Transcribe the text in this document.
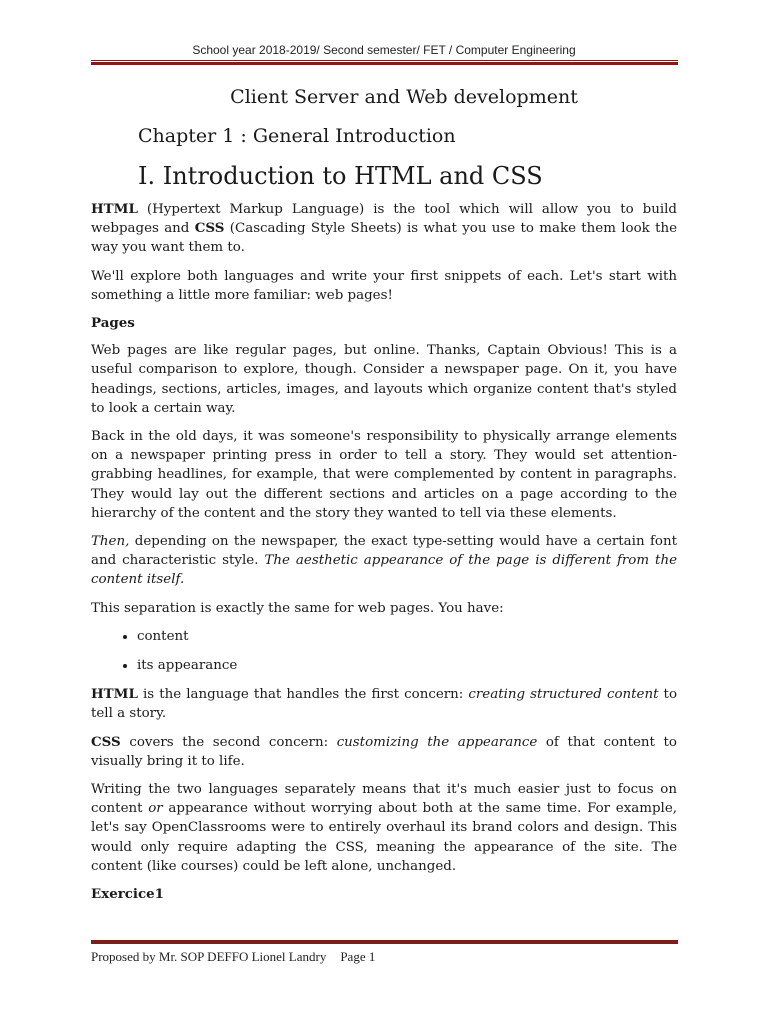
School year 2018-2019/ Second semester/ FET / Computer Engineering
Client Server and Web development
Chapter 1 : General Introduction
I. Introduction to HTML and CSS

HTML (Hypertext Markup Language) is the tool which will allow you to build webpages and CSS (Cascading Style Sheets) is what you use to make them look the way you want them to.

We'll explore both languages and write your first snippets of each. Let's start with something a little more familiar: web pages!

Pages

Web pages are like regular pages, but online. Thanks, Captain Obvious! This is a useful comparison to explore, though. Consider a newspaper page. On it, you have headings, sections, articles, images, and layouts which organize content that's styled to look a certain way.

Back in the old days, it was someone's responsibility to physically arrange elements on a newspaper printing press in order to tell a story. They would set attention-grabbing headlines, for example, that were complemented by content in paragraphs. They would lay out the different sections and articles on a page according to the hierarchy of the content and the story they wanted to tell via these elements.

Then, depending on the newspaper, the exact type-setting would have a certain font and characteristic style. The aesthetic appearance of the page is different from the content itself.

This separation is exactly the same for web pages. You have:

• content
• its appearance

HTML is the language that handles the first concern: creating structured content to tell a story.

CSS covers the second concern: customizing the appearance of that content to visually bring it to life.

Writing the two languages separately means that it's much easier just to focus on content or appearance without worrying about both at the same time. For example, let's say OpenClassrooms were to entirely overhaul its brand colors and design. This would only require adapting the CSS, meaning the appearance of the site. The content (like courses) could be left alone, unchanged.

Exercice1

Proposed by Mr. SOP DEFFO Lionel Landry Page 1
